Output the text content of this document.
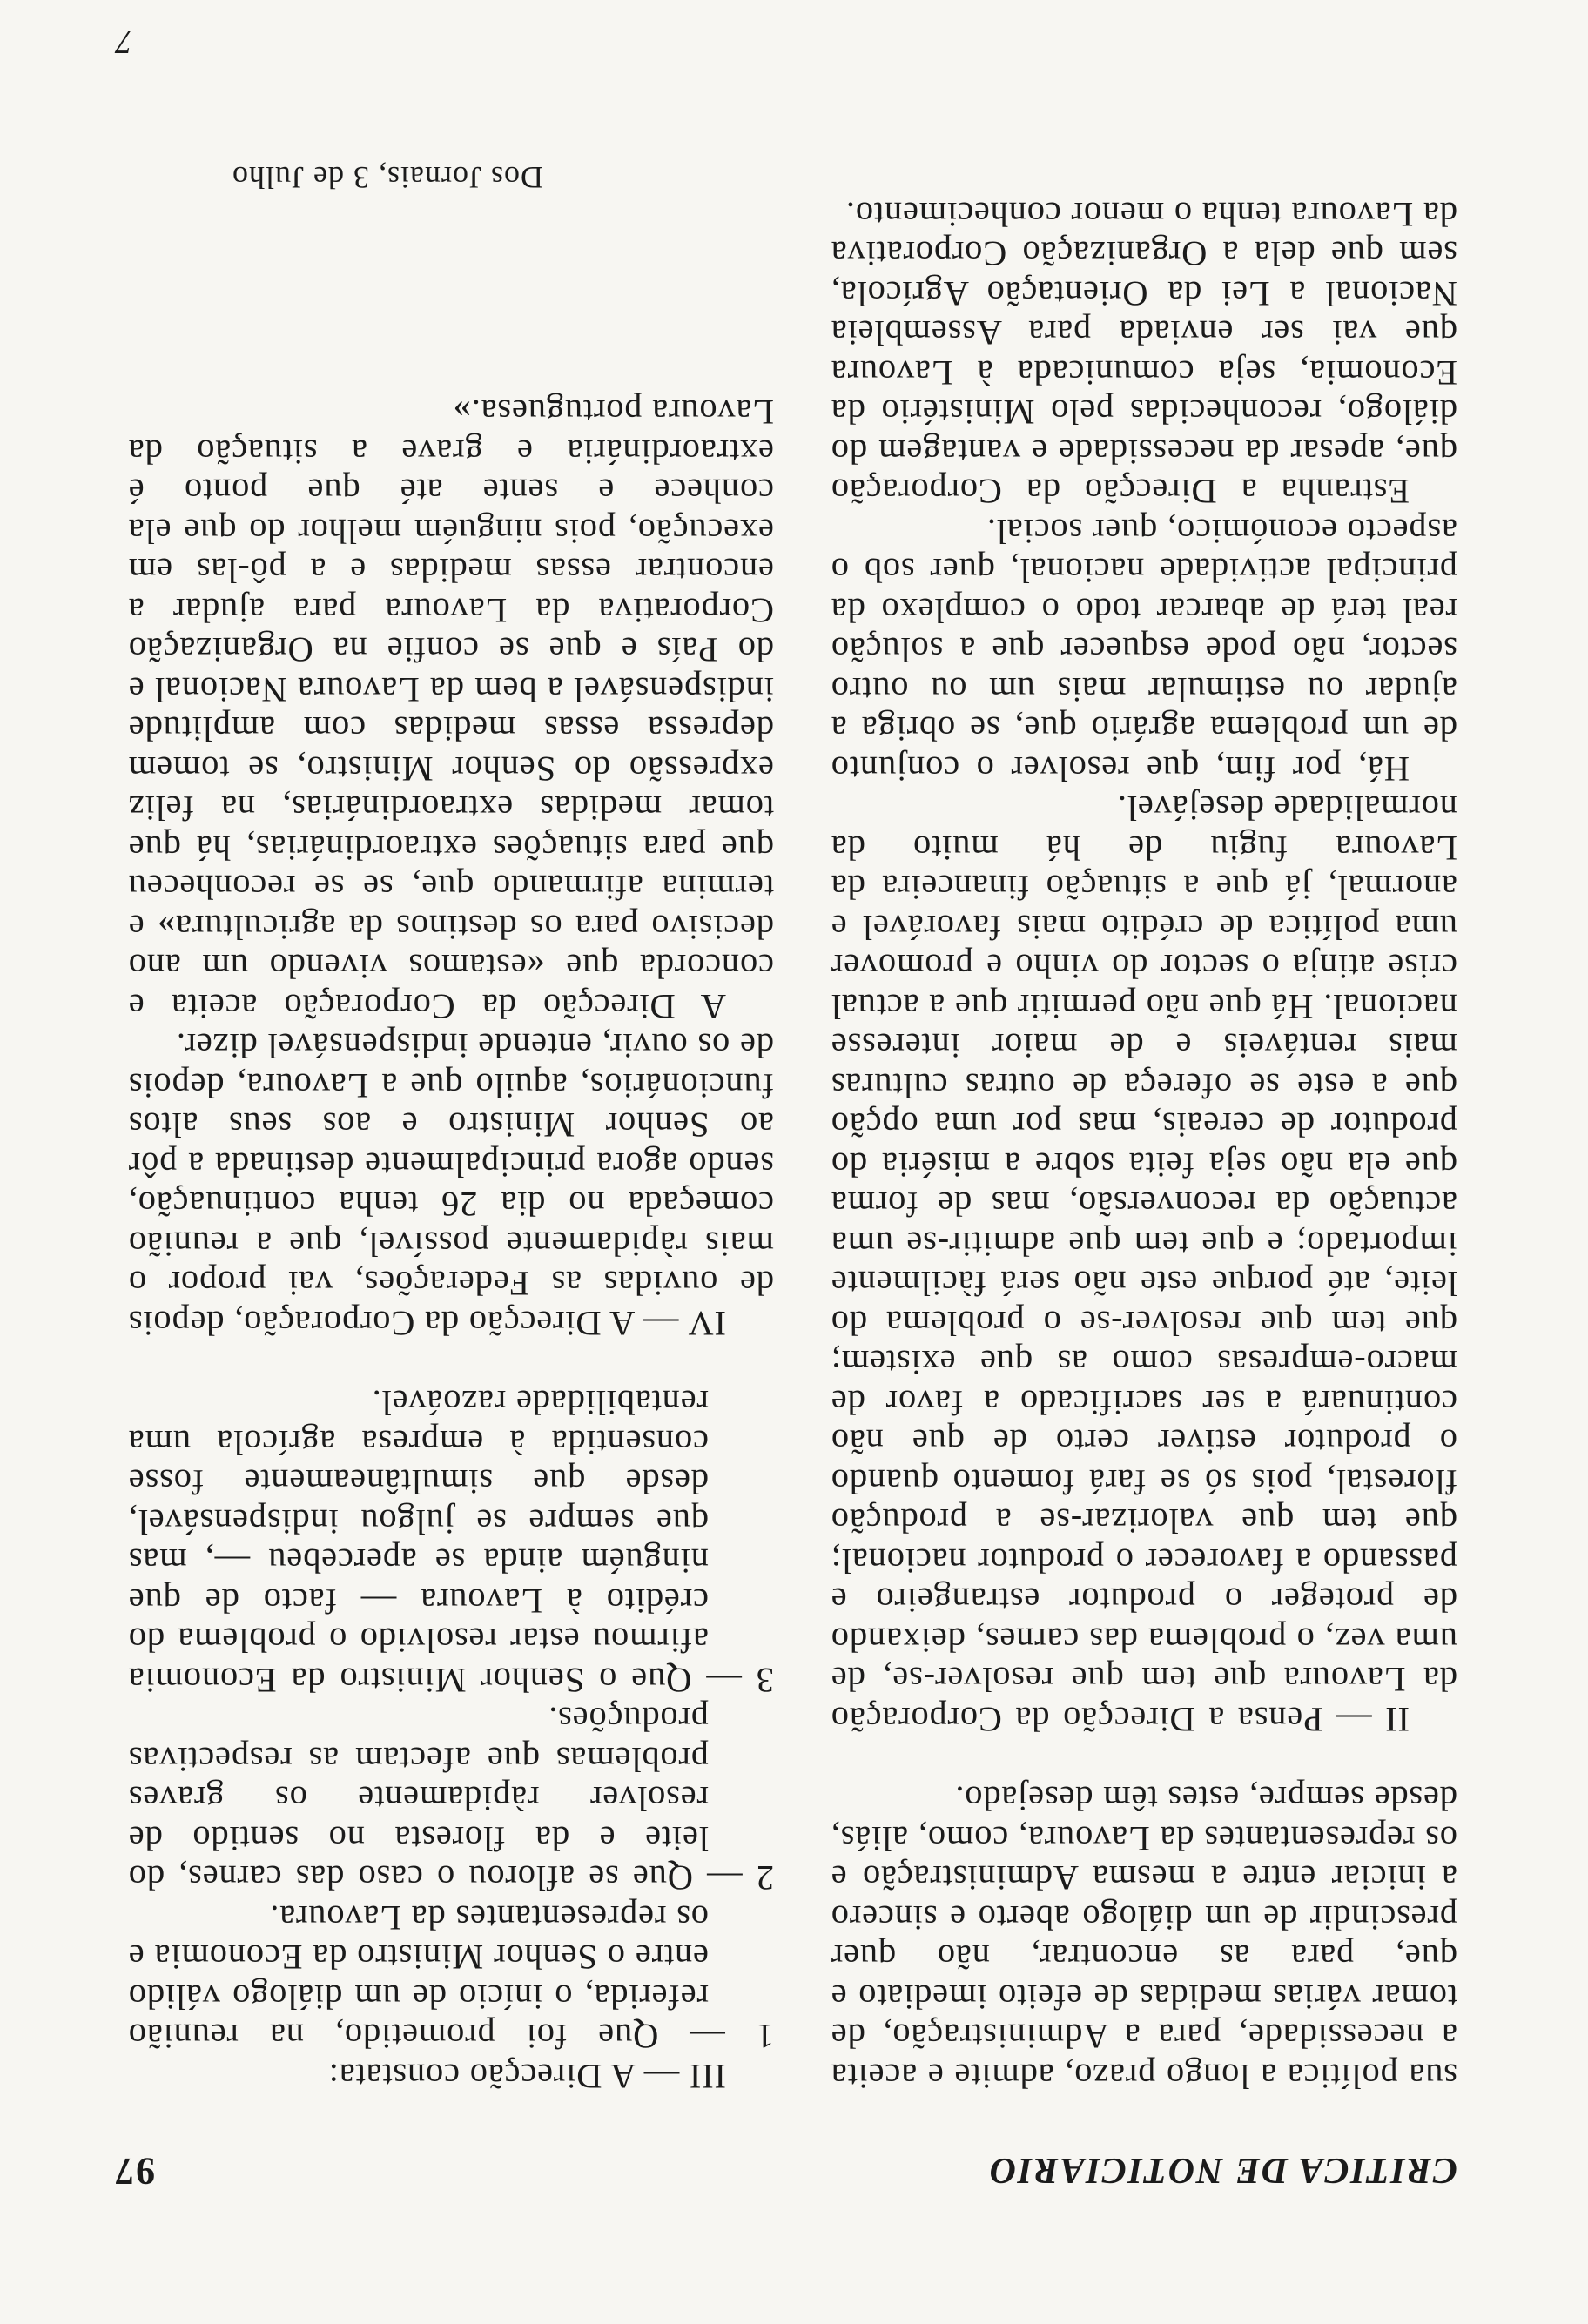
CRITICA DE NOTICIARIO
97

sua política a longo prazo, admite e aceita a necessidade, para a Administração, de tomar várias medidas de efeito imediato e que, para as encontrar, não quer prescindir de um diálogo aberto e sincero a iniciar entre a mesma Administração e os representantes da Lavoura, como, aliás, desde sempre, estes têm desejado.

II — Pensa a Direcção da Corporação da Lavoura que tem que resolver-se, de uma vez, o problema das carnes, deixando de proteger o produtor estrangeiro e passando a favorecer o produtor nacional; que tem que valorizar-se a produção florestal, pois só se fará fomento quando o produtor estiver certo de que não continuará a ser sacrificado a favor de macro-empresas como as que existem; que tem que resolver-se o problema do leite, até porque este não será fàcilmente importado; e que tem que admitir-se uma actuação da reconversão, mas de forma que ela não seja feita sobre a miséria do produtor de cereais, mas por uma opção que a este se ofereça de outras culturas mais rentáveis e de maior interesse nacional. Há que não permitir que a actual crise atinja o sector do vinho e promover uma política de crédito mais favorável e anormal, já que a situação financeira da Lavoura fugiu de há muito da normalidade desejável.

Há, por fim, que resolver o conjunto de um problema agrário que, se obriga a ajudar ou estimular mais um ou outro sector, não pode esquecer que a solução real terá de abarcar todo o complexo da principal actividade nacional, quer sob o aspecto económico, quer social.

Estranha a Direcção da Corporação que, apesar da necessidade e vantagem do diálogo, reconhecidas pelo Ministério da Economia, seja comunicada à Lavoura que vai ser enviada para Assembleia Nacional a Lei da Orientação Agrícola, sem que dela a Organização Corporativa da Lavoura tenha o menor conhecimento.

III — A Direcção constata:

1 — Que foi prometido, na reunião referida, o início de um diálogo válido entre o Senhor Ministro da Economia e os representantes da Lavoura.

2 — Que se aflorou o caso das carnes, do leite e da floresta no sentido de resolver ràpidamente os graves problemas que afectam as respectivas produções.

3 — Que o Senhor Ministro da Economia afirmou estar resolvido o problema do crédito à Lavoura — facto de que ninguém ainda se apercebeu —, mas que sempre se julgou indispensável, desde que simultâneamente fosse consentida à empresa agrícola uma rentabilidade razoável.

IV — A Direcção da Corporação, depois de ouvidas as Federações, vai propor o mais ràpidamente possível, que a reunião começada no dia 26 tenha continuação, sendo agora principalmente destinada a pôr ao Senhor Ministro e aos seus altos funcionários, aquilo que a Lavoura, depois de os ouvir, entende indispensável dizer.

A Direcção da Corporação aceita e concorda que «estamos vivendo um ano decisivo para os destinos da agricultura» e termina afirmando que, se se reconheceu que para situações extraordinárias, há que tomar medidas extraordinárias, na feliz expressão do Senhor Ministro, se tomem depressa essas medidas com amplitude indispensável a bem da Lavoura Nacional e do País e que se confie na Organização Corporativa da Lavoura para ajudar a encontrar essas medidas e a pô-las em execução, pois ninguém melhor do que ela conhece e sente até que ponto é extraordinária e grave a situação da Lavoura portuguesa.»

Dos Jornais, 3 de Julho
7
